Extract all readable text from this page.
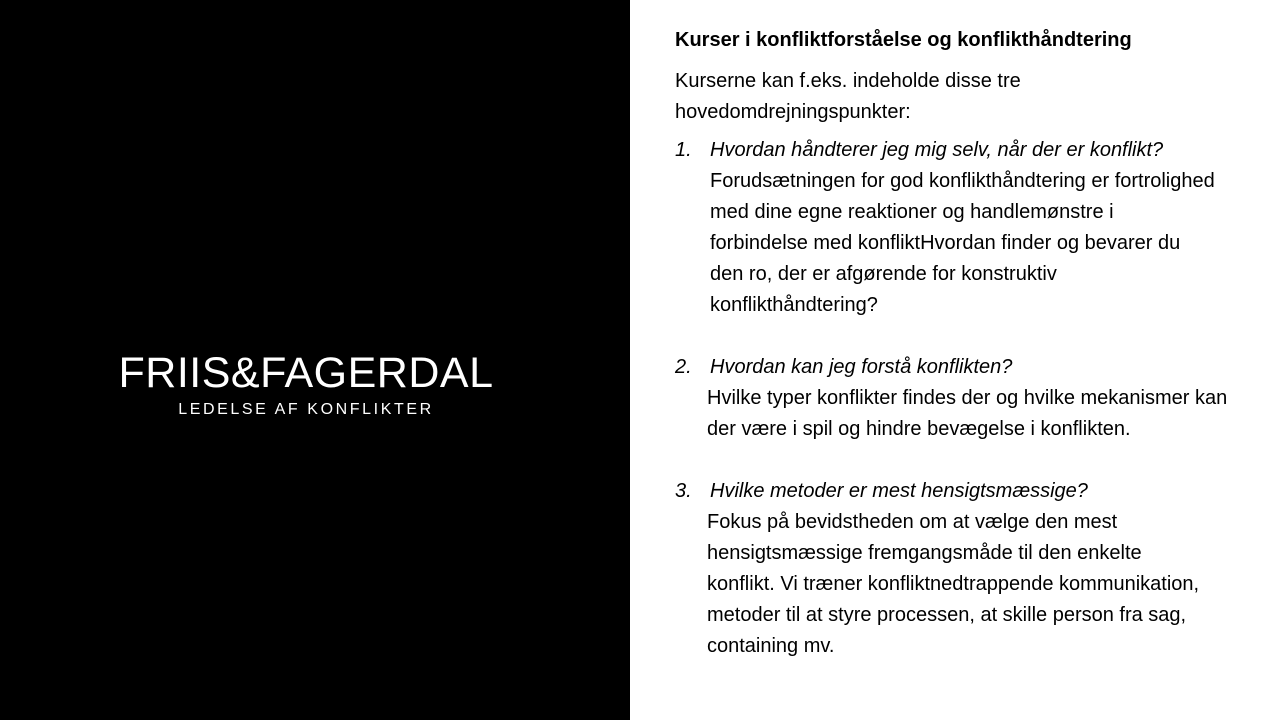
FRIIS&FAGERDAL
LEDELSE AF KONFLIKTER

Kurser i konfliktforståelse og konflikthåndtering

Kurserne kan f.eks. indeholde disse tre hovedomdrejningspunkter:

1. Hvordan håndterer jeg mig selv, når der er konflikt?

Forudsætningen for god konflikthåndtering er fortrolighed med dine egne reaktioner og handlemønstre i forbindelse med konfliktHvordan finder og bevarer du den ro, der er afgørende for konstruktiv konflikthåndtering?

2. Hvordan kan jeg forstå konflikten?

Hvilke typer konflikter findes der og hvilke mekanismer kan der være i spil og hindre bevægelse i konflikten.

3. Hvilke metoder er mest hensigtsmæssige?

Fokus på bevidstheden om at vælge den mest hensigtsmæssige fremgangsmåde til den enkelte konflikt. Vi træner konfliktnedtrappende kommunikation, metoder til at styre processen, at skille person fra sag, containing mv.
